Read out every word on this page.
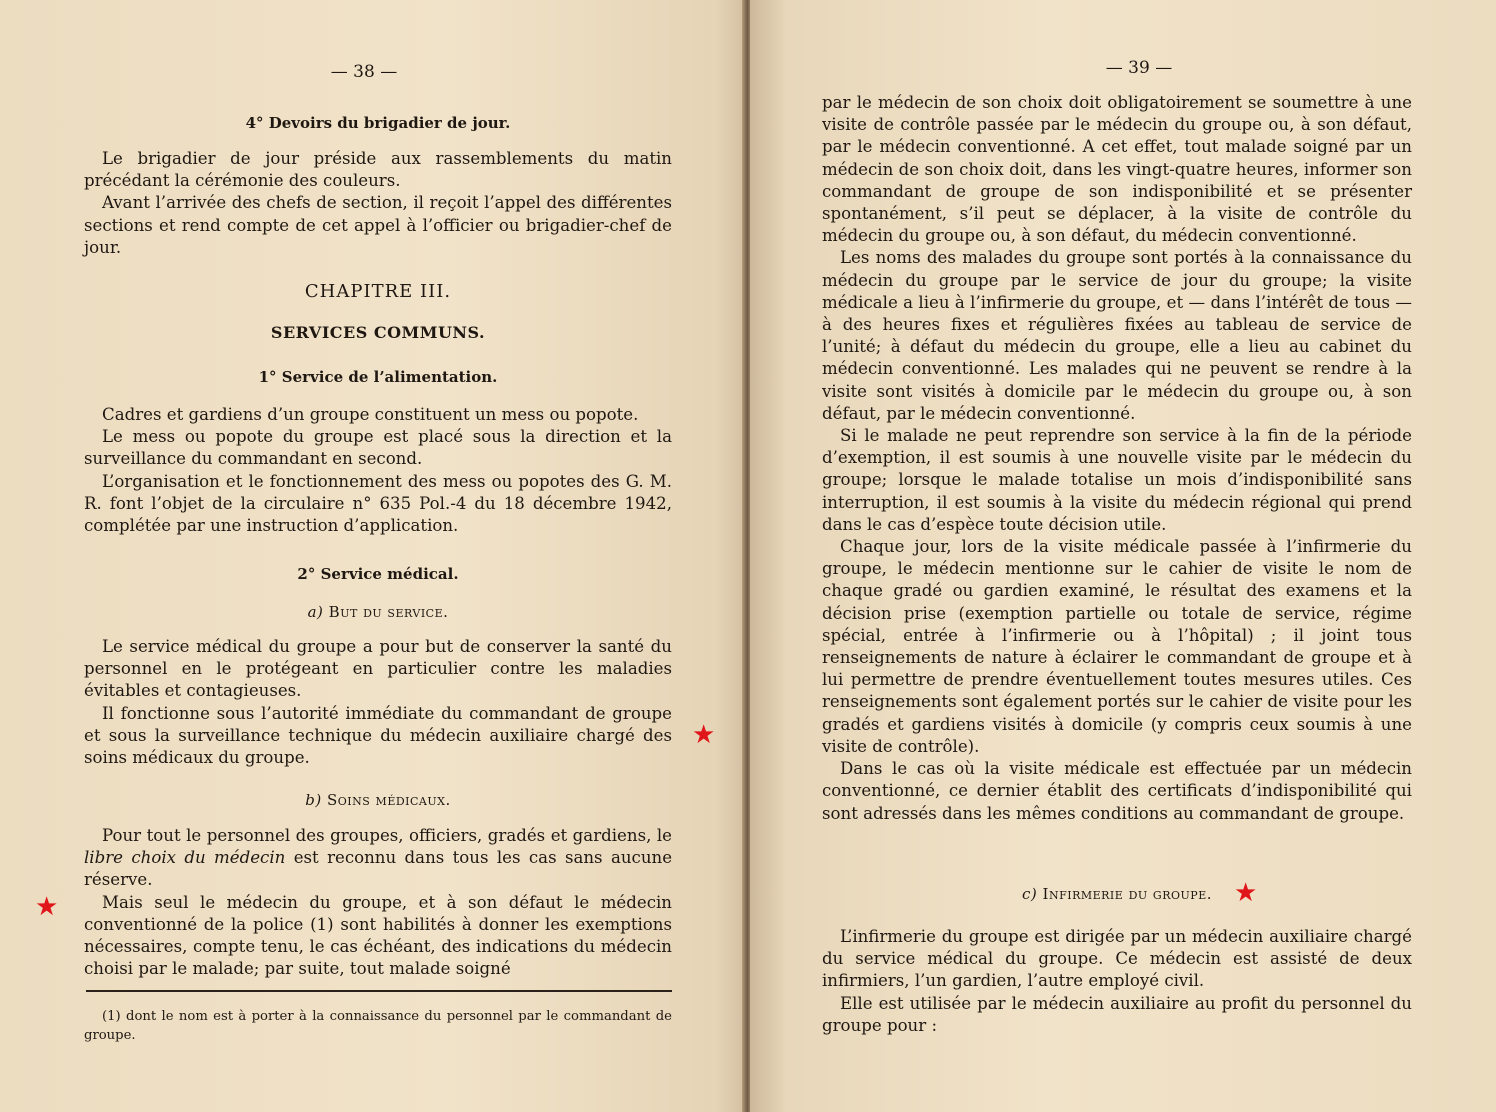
— 38 —
4° Devoirs du brigadier de jour.

Le brigadier de jour préside aux rassemblements du matin précédant la cérémonie des couleurs.

Avant l’arrivée des chefs de section, il reçoit l’appel des différentes sections et rend compte de cet appel à l’officier ou brigadier-chef de jour.

CHAPITRE III.
SERVICES COMMUNS.
1° Service de l’alimentation.

Cadres et gardiens d’un groupe constituent un mess ou popote.

Le mess ou popote du groupe est placé sous la direction et la surveillance du commandant en second.

L’organisation et le fonctionnement des mess ou popotes des G. M. R. font l’objet de la circulaire n° 635 Pol.-4 du 18 décembre 1942, complétée par une instruction d’application.

2° Service médical.
a) But du service.

Le service médical du groupe a pour but de conserver la santé du personnel en le protégeant en particulier contre les maladies évitables et contagieuses.

Il fonctionne sous l’autorité immédiate du commandant de groupe et sous la surveillance technique du médecin auxiliaire chargé des soins médicaux du groupe.

b) Soins médicaux.

Pour tout le personnel des groupes, officiers, gradés et gardiens, le libre choix du médecin est reconnu dans tous les cas sans aucune réserve.

Mais seul le médecin du groupe, et à son défaut le médecin conventionné de la police (1) sont habilités à donner les exemptions nécessaires, compte tenu, le cas échéant, des indications du médecin choisi par le malade; par suite, tout malade soigné

(1) dont le nom est à porter à la connaissance du personnel par le commandant de groupe.

— 39 —

par le médecin de son choix doit obligatoirement se soumettre à une visite de contrôle passée par le médecin du groupe ou, à son défaut, par le médecin conventionné. A cet effet, tout malade soigné par un médecin de son choix doit, dans les vingt-quatre heures, informer son commandant de groupe de son indisponibilité et se présenter spontanément, s’il peut se déplacer, à la visite de contrôle du médecin du groupe ou, à son défaut, du médecin conventionné.

Les noms des malades du groupe sont portés à la connaissance du médecin du groupe par le service de jour du groupe; la visite médicale a lieu à l’infirmerie du groupe, et — dans l’intérêt de tous — à des heures fixes et régulières fixées au tableau de service de l’unité; à défaut du médecin du groupe, elle a lieu au cabinet du médecin conventionné. Les malades qui ne peuvent se rendre à la visite sont visités à domicile par le médecin du groupe ou, à son défaut, par le médecin conventionné.

Si le malade ne peut reprendre son service à la fin de la période d’exemption, il est soumis à une nouvelle visite par le médecin du groupe; lorsque le malade totalise un mois d’indisponibilité sans interruption, il est soumis à la visite du médecin régional qui prend dans le cas d’espèce toute décision utile.

Chaque jour, lors de la visite médicale passée à l’infirmerie du groupe, le médecin mentionne sur le cahier de visite le nom de chaque gradé ou gardien examiné, le résultat des examens et la décision prise (exemption partielle ou totale de service, régime spécial, entrée à l’infirmerie ou à l’hôpital) ; il joint tous renseignements de nature à éclairer le commandant de groupe et à lui permettre de prendre éventuellement toutes mesures utiles. Ces renseignements sont également portés sur le cahier de visite pour les gradés et gardiens visités à domicile (y compris ceux soumis à une visite de contrôle).

Dans le cas où la visite médicale est effectuée par un médecin conventionné, ce dernier établit des certificats d’indisponibilité qui sont adressés dans les mêmes conditions au commandant de groupe.

c) Infirmerie du groupe.

L’infirmerie du groupe est dirigée par un médecin auxiliaire chargé du service médical du groupe. Ce médecin est assisté de deux infirmiers, l’un gardien, l’autre employé civil.

Elle est utilisée par le médecin auxiliaire au profit du personnel du groupe pour :

★
★	★
